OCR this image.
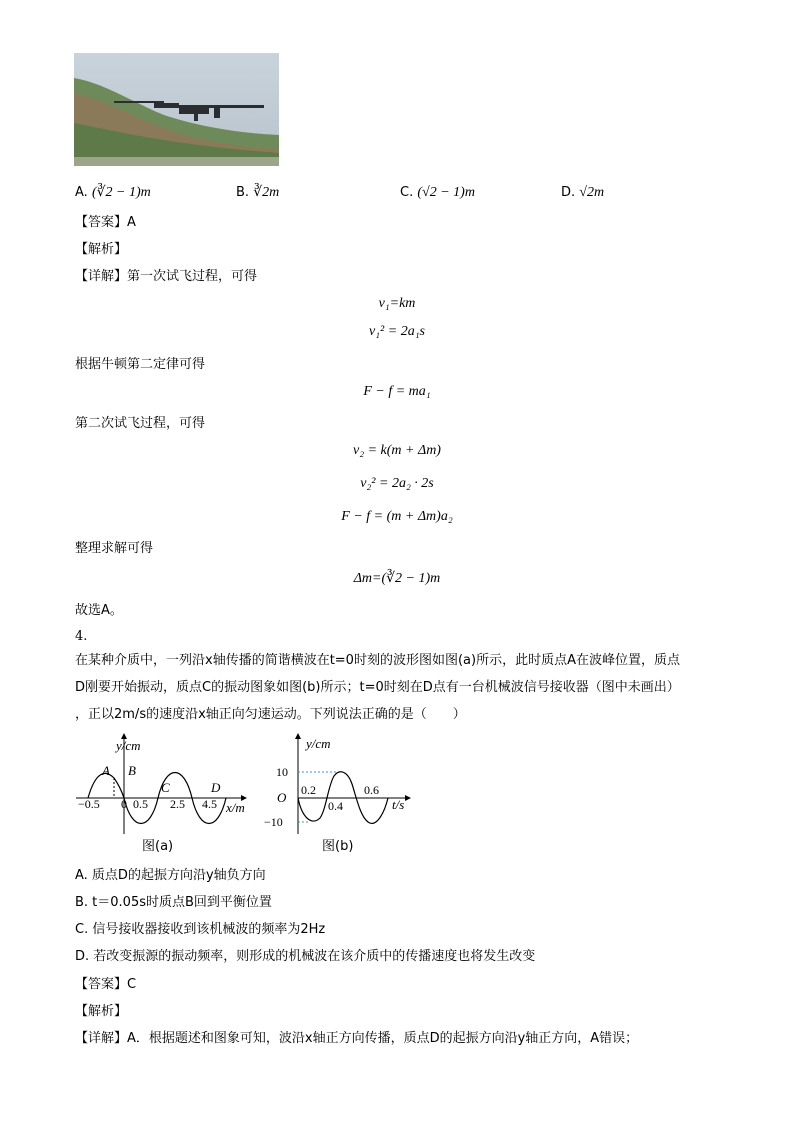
A. (∛2 − 1)m	B. ∛2m	C. (√2 − 1)m	D. √2m
【答案】A
【解析】
【详解】第一次试飞过程，可得
v₁=km
v₁² = 2a₁s
根据牛顿第二定律可得
F − f = ma₁
第二次试飞过程，可得
v₂ = k(m + Δm)
v₂² = 2a₂ · 2s
F − f = (m + Δm)a₂
整理求解可得
Δm=(∛2 − 1)m
故选A。
4.
在某种介质中，一列沿x轴传播的简谐横波在t=0时刻的波形图如图(a)所示，此时质点A在波峰位置，质点
D刚要开始振动，质点C的振动图象如图(b)所示；t=0时刻在D点有一台机械波信号接收器（图中未画出）
，正以2m/s的速度沿x轴正向匀速运动。下列说法正确的是（　　）
y/cm
x/m
A B
C	D
−0.5 0 0.5 2.5 4.5
图(a)
y/cm
t/s
10
−10
O 0.2
0.4
0.6
图(b)
A. 质点D的起振方向沿y轴负方向
B. t＝0.05s时质点B回到平衡位置
C. 信号接收器接收到该机械波的频率为2Hz
D. 若改变振源的振动频率，则形成的机械波在该介质中的传播速度也将发生改变
【答案】C
【解析】
【详解】A．根据题述和图象可知，波沿x轴正方向传播，质点D的起振方向沿y轴正方向，A错误；
